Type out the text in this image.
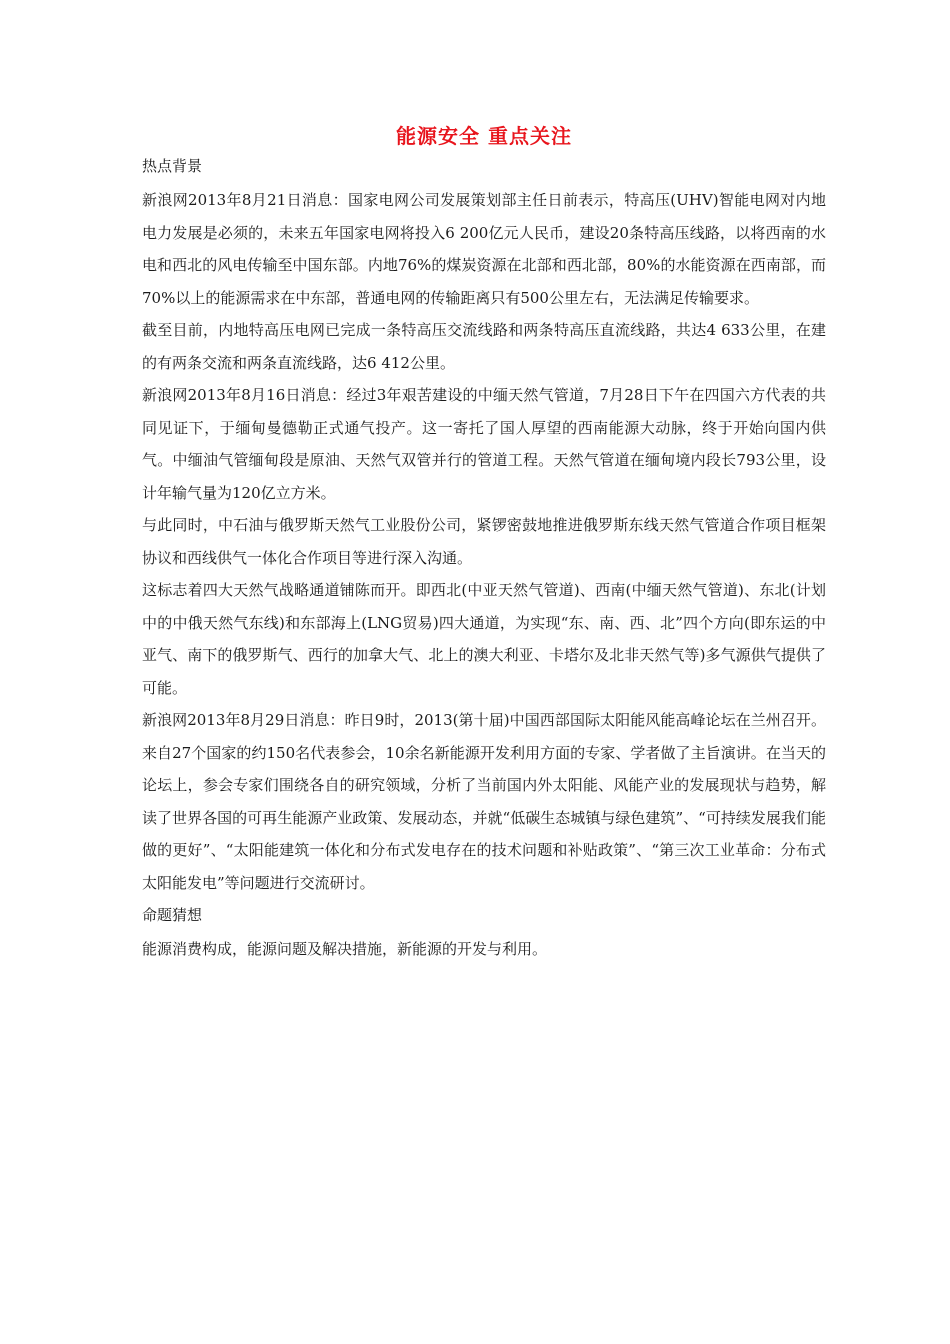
能源安全 重点关注

热点背景

新浪网2013年8月21日消息：国家电网公司发展策划部主任日前表示，特高压(UHV)智能电网对内地电力发展是必须的，未来五年国家电网将投入6 200亿元人民币，建设20条特高压线路，以将西南的水电和西北的风电传输至中国东部。内地76%的煤炭资源在北部和西北部，80%的水能资源在西南部，而70%以上的能源需求在中东部，普通电网的传输距离只有500公里左右，无法满足传输要求。

截至目前，内地特高压电网已完成一条特高压交流线路和两条特高压直流线路，共达4 633公里，在建的有两条交流和两条直流线路，达6 412公里。

新浪网2013年8月16日消息：经过3年艰苦建设的中缅天然气管道，7月28日下午在四国六方代表的共同见证下，于缅甸曼德勒正式通气投产。这一寄托了国人厚望的西南能源大动脉，终于开始向国内供气。中缅油气管缅甸段是原油、天然气双管并行的管道工程。天然气管道在缅甸境内段长793公里，设计年输气量为120亿立方米。

与此同时，中石油与俄罗斯天然气工业股份公司，紧锣密鼓地推进俄罗斯东线天然气管道合作项目框架协议和西线供气一体化合作项目等进行深入沟通。

这标志着四大天然气战略通道铺陈而开。即西北(中亚天然气管道)、西南(中缅天然气管道)、东北(计划中的中俄天然气东线)和东部海上(LNG贸易)四大通道，为实现“东、南、西、北”四个方向(即东运的中亚气、南下的俄罗斯气、西行的加拿大气、北上的澳大利亚、卡塔尔及北非天然气等)多气源供气提供了可能。

新浪网2013年8月29日消息：昨日9时，2013(第十届)中国西部国际太阳能风能高峰论坛在兰州召开。来自27个国家的约150名代表参会，10余名新能源开发利用方面的专家、学者做了主旨演讲。在当天的论坛上，参会专家们围绕各自的研究领域，分析了当前国内外太阳能、风能产业的发展现状与趋势，解读了世界各国的可再生能源产业政策、发展动态，并就“低碳生态城镇与绿色建筑”、“可持续发展我们能做的更好”、“太阳能建筑一体化和分布式发电存在的技术问题和补贴政策”、“第三次工业革命：分布式太阳能发电”等问题进行交流研讨。

命题猜想

能源消费构成，能源问题及解决措施，新能源的开发与利用。
